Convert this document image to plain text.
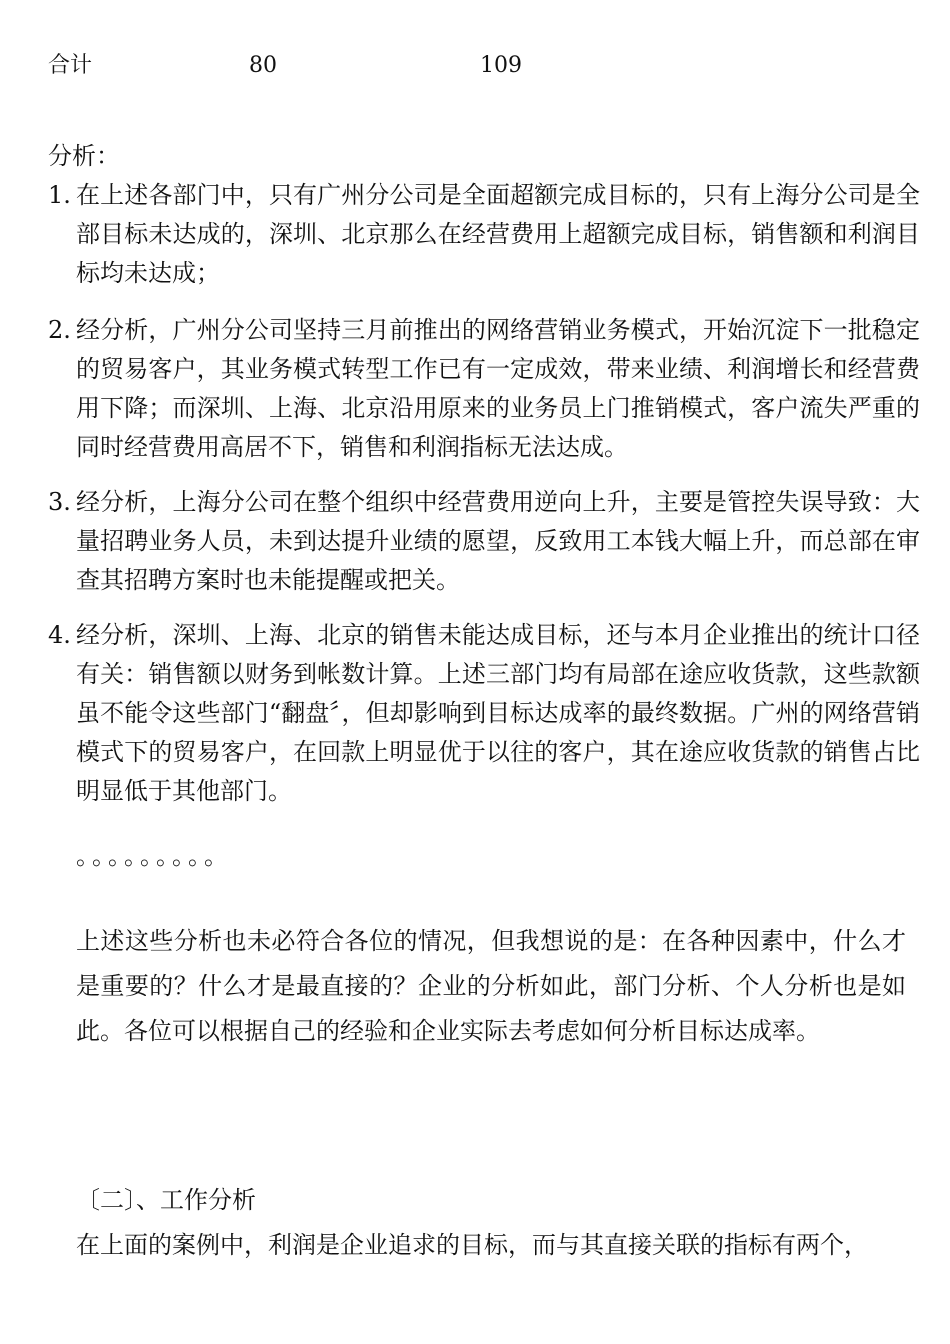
合计	80	109
分析：
1. 在上述各部门中，只有广州分公司是全面超额完成目标的，只有上海分公司是全部目标未达成的，深圳、北京那么在经营费用上超额完成目标，销售额和利润目标均未达成；
2. 经分析，广州分公司坚持三月前推出的网络营销业务模式，开始沉淀下一批稳定的贸易客户，其业务模式转型工作已有一定成效，带来业绩、利润增长和经营费用下降；而深圳、上海、北京沿用原来的业务员上门推销模式，客户流失严重的同时经营费用高居不下，销售和利润指标无法达成。
3. 经分析，上海分公司在整个组织中经营费用逆向上升，主要是管控失误导致：大量招聘业务人员，未到达提升业绩的愿望，反致用工本钱大幅上升，而总部在审查其招聘方案时也未能提醒或把关。
4. 经分析，深圳、上海、北京的销售未能达成目标，还与本月企业推出的统计口径有关：销售额以财务到帐数计算。上述三部门均有局部在途应收货款，这些款额虽不能令这些部门“翻盘〞，但却影响到目标达成率的最终数据。广州的网络营销模式下的贸易客户，在回款上明显优于以往的客户，其在途应收货款的销售占比明显低于其他部门。
。。。。。。。。。
上述这些分析也未必符合各位的情况，但我想说的是：在各种因素中，什么才是重要的？什么才是最直接的？企业的分析如此，部门分析、个人分析也是如此。各位可以根据自己的经验和企业实际去考虑如何分析目标达成率。
〔二〕、工作分析
在上面的案例中，利润是企业追求的目标，而与其直接关联的指标有两个，
